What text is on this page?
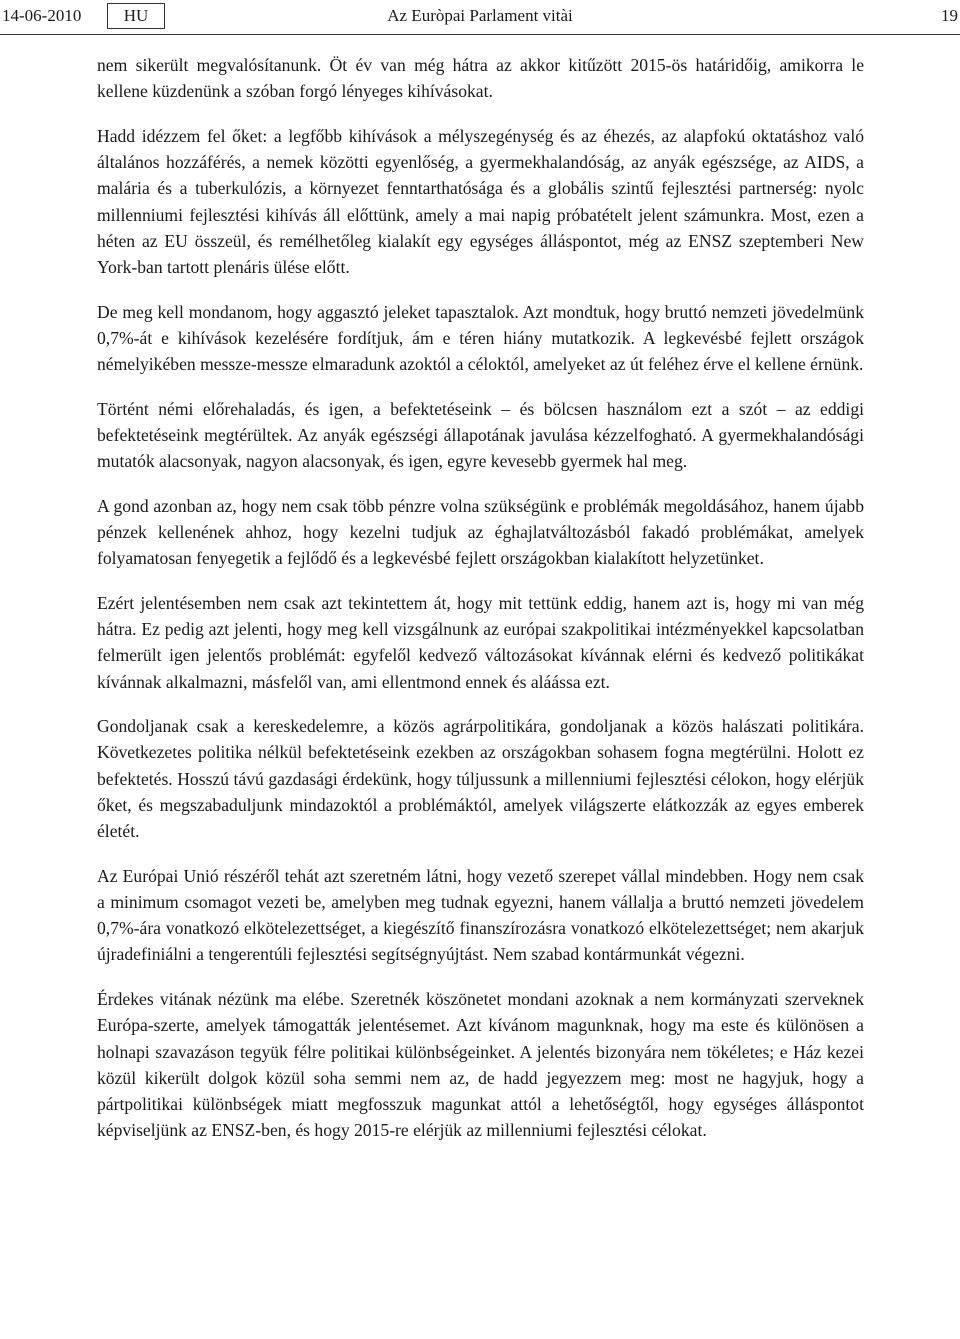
14-06-2010	HU	Az Euròpai Parlament vitài	19

nem sikerült megvalósítanunk. Öt év van még hátra az akkor kitűzött 2015-ös határidőig, amikorra le kellene küzdenünk a szóban forgó lényeges kihívásokat.

Hadd idézzem fel őket: a legfőbb kihívások a mélyszegénység és az éhezés, az alapfokú oktatáshoz való általános hozzáférés, a nemek közötti egyenlőség, a gyermekhalandóság, az anyák egészsége, az AIDS, a malária és a tuberkulózis, a környezet fenntarthatósága és a globális szintű fejlesztési partnerség: nyolc millenniumi fejlesztési kihívás áll előttünk, amely a mai napig próbatételt jelent számunkra. Most, ezen a héten az EU összeül, és remélhetőleg kialakít egy egységes álláspontot, még az ENSZ szeptemberi New York-ban tartott plenáris ülése előtt.

De meg kell mondanom, hogy aggasztó jeleket tapasztalok. Azt mondtuk, hogy bruttó nemzeti jövedelmünk 0,7%-át e kihívások kezelésére fordítjuk, ám e téren hiány mutatkozik. A legkevésbé fejlett országok némelyikében messze-messze elmaradunk azoktól a céloktól, amelyeket az út feléhez érve el kellene érnünk.

Történt némi előrehaladás, és igen, a befektetéseink – és bölcsen használom ezt a szót – az eddigi befektetéseink megtérültek. Az anyák egészségi állapotának javulása kézzelfogható. A gyermekhalandósági mutatók alacsonyak, nagyon alacsonyak, és igen, egyre kevesebb gyermek hal meg.

A gond azonban az, hogy nem csak több pénzre volna szükségünk e problémák megoldásához, hanem újabb pénzek kellenének ahhoz, hogy kezelni tudjuk az éghajlatváltozásból fakadó problémákat, amelyek folyamatosan fenyegetik a fejlődő és a legkevésbé fejlett országokban kialakított helyzetünket.

Ezért jelentésemben nem csak azt tekintettem át, hogy mit tettünk eddig, hanem azt is, hogy mi van még hátra. Ez pedig azt jelenti, hogy meg kell vizsgálnunk az európai szakpolitikai intézményekkel kapcsolatban felmerült igen jelentős problémát: egyfelől kedvező változásokat kívánnak elérni és kedvező politikákat kívánnak alkalmazni, másfelől van, ami ellentmond ennek és aláássa ezt.

Gondoljanak csak a kereskedelemre, a közös agrárpolitikára, gondoljanak a közös halászati politikára. Következetes politika nélkül befektetéseink ezekben az országokban sohasem fogna megtérülni. Holott ez befektetés. Hosszú távú gazdasági érdekünk, hogy túljussunk a millenniumi fejlesztési célokon, hogy elérjük őket, és megszabaduljunk mindazoktól a problémáktól, amelyek világszerte elátkozzák az egyes emberek életét.

Az Európai Unió részéről tehát azt szeretném látni, hogy vezető szerepet vállal mindebben. Hogy nem csak a minimum csomagot vezeti be, amelyben meg tudnak egyezni, hanem vállalja a bruttó nemzeti jövedelem 0,7%-ára vonatkozó elkötelezettséget, a kiegészítő finanszírozásra vonatkozó elkötelezettséget; nem akarjuk újradefiniálni a tengerentúli fejlesztési segítségnyújtást. Nem szabad kontármunkát végezni.

Érdekes vitának nézünk ma elébe. Szeretnék köszönetet mondani azoknak a nem kormányzati szerveknek Európa-szerte, amelyek támogatták jelentésemet. Azt kívánom magunknak, hogy ma este és különösen a holnapi szavazáson tegyük félre politikai különbségeinket. A jelentés bizonyára nem tökéletes; e Ház kezei közül kikerült dolgok közül soha semmi nem az, de hadd jegyezzem meg: most ne hagyjuk, hogy a pártpolitikai különbségek miatt megfosszuk magunkat attól a lehetőségtől, hogy egységes álláspontot képviseljünk az ENSZ-ben, és hogy 2015-re elérjük az millenniumi fejlesztési célokat.
